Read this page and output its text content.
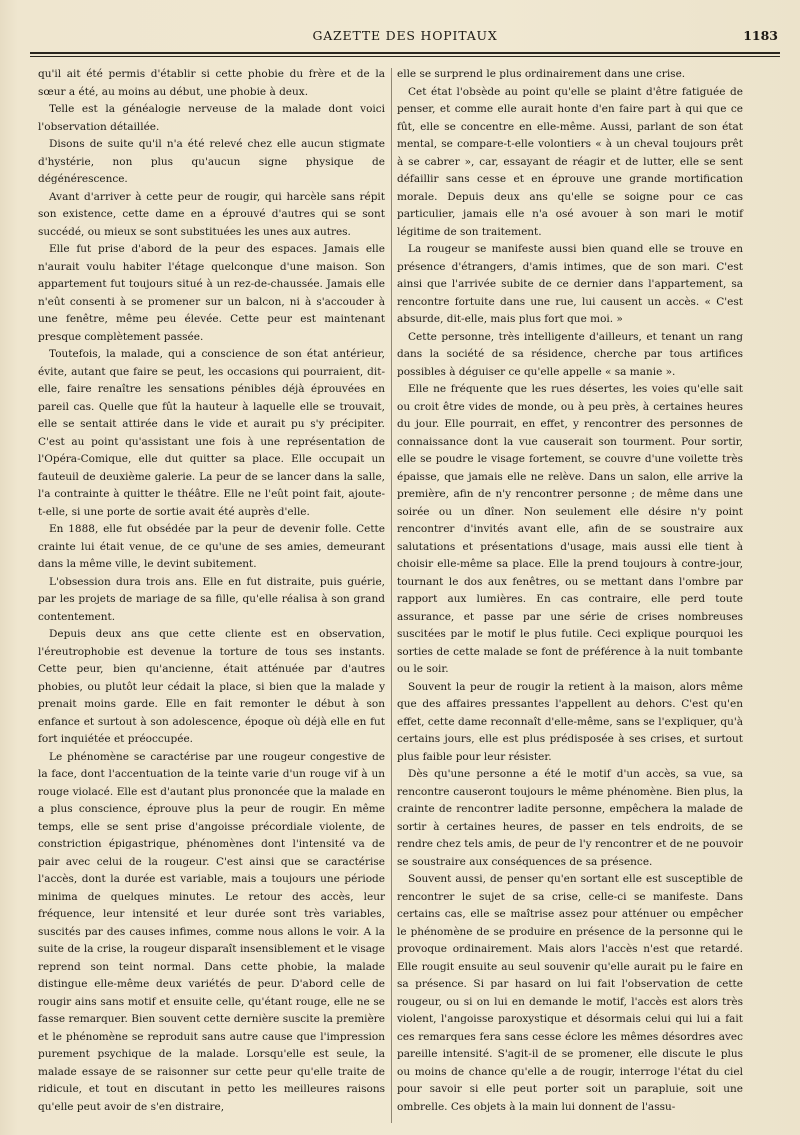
GAZETTE DES HOPITAUX	1183

qu'il ait été permis d'établir si cette phobie du frère et de la sœur a été, au moins au début, une phobie à deux.

Telle est la généalogie nerveuse de la malade dont voici l'observation détaillée.

Disons de suite qu'il n'a été relevé chez elle aucun stigmate d'hystérie, non plus qu'aucun signe physique de dégénérescence.

Avant d'arriver à cette peur de rougir, qui harcèle sans répit son existence, cette dame en a éprouvé d'autres qui se sont succédé, ou mieux se sont substituées les unes aux autres.

Elle fut prise d'abord de la peur des espaces. Jamais elle n'aurait voulu habiter l'étage quelconque d'une maison. Son appartement fut toujours situé à un rez-de-chaussée. Jamais elle n'eût consenti à se promener sur un balcon, ni à s'accouder à une fenêtre, même peu élevée. Cette peur est maintenant presque complètement passée.

Toutefois, la malade, qui a conscience de son état antérieur, évite, autant que faire se peut, les occasions qui pourraient, dit-elle, faire renaître les sensations pénibles déjà éprouvées en pareil cas. Quelle que fût la hauteur à laquelle elle se trouvait, elle se sentait attirée dans le vide et aurait pu s'y précipiter. C'est au point qu'assistant une fois à une représentation de l'Opéra-Comique, elle dut quitter sa place. Elle occupait un fauteuil de deuxième galerie. La peur de se lancer dans la salle, l'a contrainte à quitter le théâtre. Elle ne l'eût point fait, ajoute-t-elle, si une porte de sortie avait été auprès d'elle.

En 1888, elle fut obsédée par la peur de devenir folle. Cette crainte lui était venue, de ce qu'une de ses amies, demeurant dans la même ville, le devint subitement.

L'obsession dura trois ans. Elle en fut distraite, puis guérie, par les projets de mariage de sa fille, qu'elle réalisa à son grand contentement.

Depuis deux ans que cette cliente est en observation, l'éreutrophobie est devenue la torture de tous ses instants. Cette peur, bien qu'ancienne, était atténuée par d'autres phobies, ou plutôt leur cédait la place, si bien que la malade y prenait moins garde. Elle en fait remonter le début à son enfance et surtout à son adolescence, époque où déjà elle en fut fort inquiétée et préoccupée.

Le phénomène se caractérise par une rougeur congestive de la face, dont l'accentuation de la teinte varie d'un rouge vif à un rouge violacé. Elle est d'autant plus prononcée que la malade en a plus conscience, éprouve plus la peur de rougir. En même temps, elle se sent prise d'angoisse précordiale violente, de constriction épigastrique, phénomènes dont l'intensité va de pair avec celui de la rougeur. C'est ainsi que se caractérise l'accès, dont la durée est variable, mais a toujours une période minima de quelques minutes. Le retour des accès, leur fréquence, leur intensité et leur durée sont très variables, suscités par des causes infimes, comme nous allons le voir. A la suite de la crise, la rougeur disparaît insensiblement et le visage reprend son teint normal. Dans cette phobie, la malade distingue elle-même deux variétés de peur. D'abord celle de rougir ains sans motif et ensuite celle, qu'étant rouge, elle ne se fasse remarquer. Bien souvent cette dernière suscite la première et le phénomène se reproduit sans autre cause que l'impression purement psychique de la malade. Lorsqu'elle est seule, la malade essaye de se raisonner sur cette peur qu'elle traite de ridicule, et tout en discutant in petto les meilleures raisons qu'elle peut avoir de s'en distraire,

elle se surprend le plus ordinairement dans une crise.

Cet état l'obsède au point qu'elle se plaint d'être fatiguée de penser, et comme elle aurait honte d'en faire part à qui que ce fût, elle se concentre en elle-même. Aussi, parlant de son état mental, se compare-t-elle volontiers « à un cheval toujours prêt à se cabrer », car, essayant de réagir et de lutter, elle se sent défaillir sans cesse et en éprouve une grande mortification morale. Depuis deux ans qu'elle se soigne pour ce cas particulier, jamais elle n'a osé avouer à son mari le motif légitime de son traitement.

La rougeur se manifeste aussi bien quand elle se trouve en présence d'étrangers, d'amis intimes, que de son mari. C'est ainsi que l'arrivée subite de ce dernier dans l'appartement, sa rencontre fortuite dans une rue, lui causent un accès. « C'est absurde, dit-elle, mais plus fort que moi. »

Cette personne, très intelligente d'ailleurs, et tenant un rang dans la société de sa résidence, cherche par tous artifices possibles à déguiser ce qu'elle appelle « sa manie ».

Elle ne fréquente que les rues désertes, les voies qu'elle sait ou croit être vides de monde, ou à peu près, à certaines heures du jour. Elle pourrait, en effet, y rencontrer des personnes de connaissance dont la vue causerait son tourment. Pour sortir, elle se poudre le visage fortement, se couvre d'une voilette très épaisse, que jamais elle ne relève. Dans un salon, elle arrive la première, afin de n'y rencontrer personne ; de même dans une soirée ou un dîner. Non seulement elle désire n'y point rencontrer d'invités avant elle, afin de se soustraire aux salutations et présentations d'usage, mais aussi elle tient à choisir elle-même sa place. Elle la prend toujours à contre-jour, tournant le dos aux fenêtres, ou se mettant dans l'ombre par rapport aux lumières. En cas contraire, elle perd toute assurance, et passe par une série de crises nombreuses suscitées par le motif le plus futile. Ceci explique pourquoi les sorties de cette malade se font de préférence à la nuit tombante ou le soir.

Souvent la peur de rougir la retient à la maison, alors même que des affaires pressantes l'appellent au dehors. C'est qu'en effet, cette dame reconnaît d'elle-même, sans se l'expliquer, qu'à certains jours, elle est plus prédisposée à ses crises, et surtout plus faible pour leur résister.

Dès qu'une personne a été le motif d'un accès, sa vue, sa rencontre causeront toujours le même phénomène. Bien plus, la crainte de rencontrer ladite personne, empêchera la malade de sortir à certaines heures, de passer en tels endroits, de se rendre chez tels amis, de peur de l'y rencontrer et de ne pouvoir se soustraire aux conséquences de sa présence.

Souvent aussi, de penser qu'en sortant elle est susceptible de rencontrer le sujet de sa crise, celle-ci se manifeste. Dans certains cas, elle se maîtrise assez pour atténuer ou empêcher le phénomène de se produire en présence de la personne qui le provoque ordinairement. Mais alors l'accès n'est que retardé. Elle rougit ensuite au seul souvenir qu'elle aurait pu le faire en sa présence. Si par hasard on lui fait l'observation de cette rougeur, ou si on lui en demande le motif, l'accès est alors très violent, l'angoisse paroxystique et désormais celui qui lui a fait ces remarques fera sans cesse éclore les mêmes désordres avec pareille intensité. S'agit-il de se promener, elle discute le plus ou moins de chance qu'elle a de rougir, interroge l'état du ciel pour savoir si elle peut porter soit un parapluie, soit une ombrelle. Ces objets à la main lui donnent de l'assu-
